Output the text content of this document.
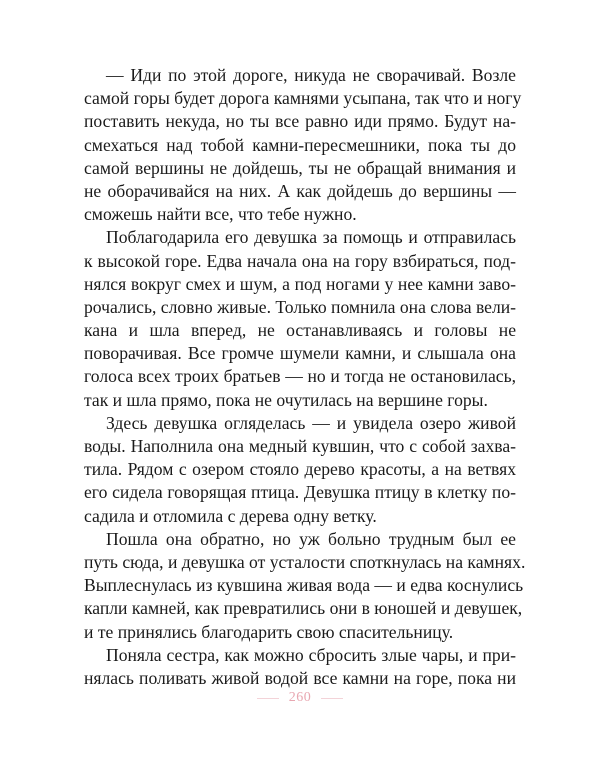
— Иди по этой дороге, никуда не сворачивай. Возле
самой горы будет дорога камнями усыпана, так что и ногу
поставить некуда, но ты все равно иди прямо. Будут на-
смехаться над тобой камни-пересмешники, пока ты до
самой вершины не дойдешь, ты не обращай внимания и
не оборачивайся на них. А как дойдешь до вершины —
сможешь найти все, что тебе нужно.
Поблагодарила его девушка за помощь и отправилась
к высокой горе. Едва начала она на гору взбираться, под-
нялся вокруг смех и шум, а под ногами у нее камни заво-
рочались, словно живые. Только помнила она слова вели-
кана и шла вперед, не останавливаясь и головы не
поворачивая. Все громче шумели камни, и слышала она
голоса всех троих братьев — но и тогда не остановилась,
так и шла прямо, пока не очутилась на вершине горы.
Здесь девушка огляделась — и увидела озеро живой
воды. Наполнила она медный кувшин, что с собой захва-
тила. Рядом с озером стояло дерево красоты, а на ветвях
его сидела говорящая птица. Девушка птицу в клетку по-
садила и отломила с дерева одну ветку.
Пошла она обратно, но уж больно трудным был ее
путь сюда, и девушка от усталости споткнулась на камнях.
Выплеснулась из кувшина живая вода — и едва коснулись
капли камней, как превратились они в юношей и девушек,
и те принялись благодарить свою спасительницу.
Поняла сестра, как можно сбросить злые чары, и при-
нялась поливать живой водой все камни на горе, пока ни
260
